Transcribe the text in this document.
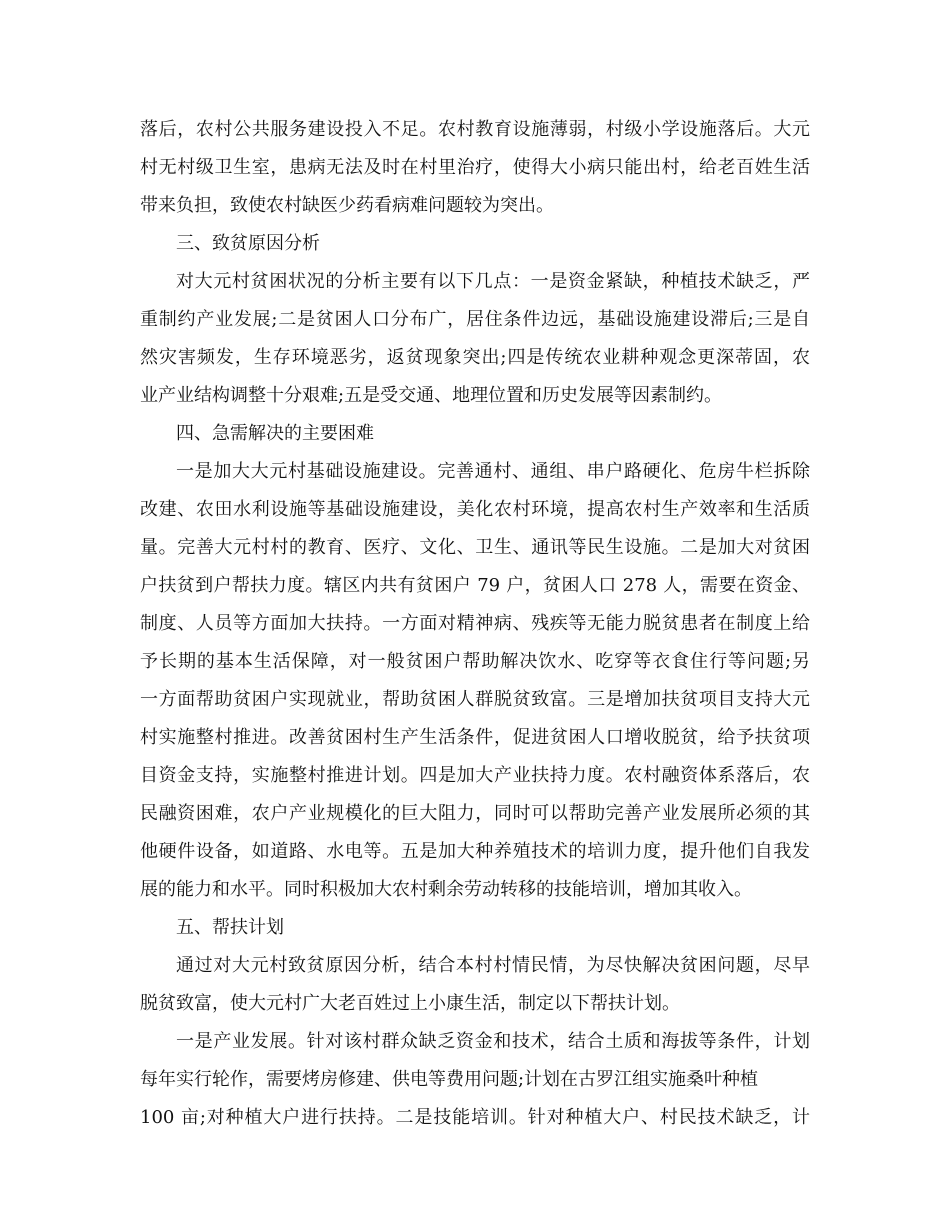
落后，农村公共服务建设投入不足。农村教育设施薄弱，村级小学设施落后。大元
村无村级卫生室，患病无法及时在村里治疗，使得大小病只能出村，给老百姓生活
带来负担，致使农村缺医少药看病难问题较为突出。
三、致贫原因分析
对大元村贫困状况的分析主要有以下几点：一是资金紧缺，种植技术缺乏，严
重制约产业发展;二是贫困人口分布广，居住条件边远，基础设施建设滞后;三是自
然灾害频发，生存环境恶劣，返贫现象突出;四是传统农业耕种观念更深蒂固，农
业产业结构调整十分艰难;五是受交通、地理位置和历史发展等因素制约。
四、急需解决的主要困难
一是加大大元村基础设施建设。完善通村、通组、串户路硬化、危房牛栏拆除
改建、农田水利设施等基础设施建设，美化农村环境，提高农村生产效率和生活质
量。完善大元村村的教育、医疗、文化、卫生、通讯等民生设施。二是加大对贫困
户扶贫到户帮扶力度。辖区内共有贫困户 79 户，贫困人口 278 人，需要在资金、
制度、人员等方面加大扶持。一方面对精神病、残疾等无能力脱贫患者在制度上给
予长期的基本生活保障，对一般贫困户帮助解决饮水、吃穿等衣食住行等问题;另
一方面帮助贫困户实现就业，帮助贫困人群脱贫致富。三是增加扶贫项目支持大元
村实施整村推进。改善贫困村生产生活条件，促进贫困人口增收脱贫，给予扶贫项
目资金支持，实施整村推进计划。四是加大产业扶持力度。农村融资体系落后，农
民融资困难，农户产业规模化的巨大阻力，同时可以帮助完善产业发展所必须的其
他硬件设备，如道路、水电等。五是加大种养殖技术的培训力度，提升他们自我发
展的能力和水平。同时积极加大农村剩余劳动转移的技能培训，增加其收入。
五、帮扶计划
通过对大元村致贫原因分析，结合本村村情民情，为尽快解决贫困问题，尽早
脱贫致富，使大元村广大老百姓过上小康生活，制定以下帮扶计划。
一是产业发展。针对该村群众缺乏资金和技术，结合土质和海拔等条件，计划
每年实行轮作，需要烤房修建、供电等费用问题;计划在古罗江组实施桑叶种植
100 亩;对种植大户进行扶持。二是技能培训。针对种植大户、村民技术缺乏，计
